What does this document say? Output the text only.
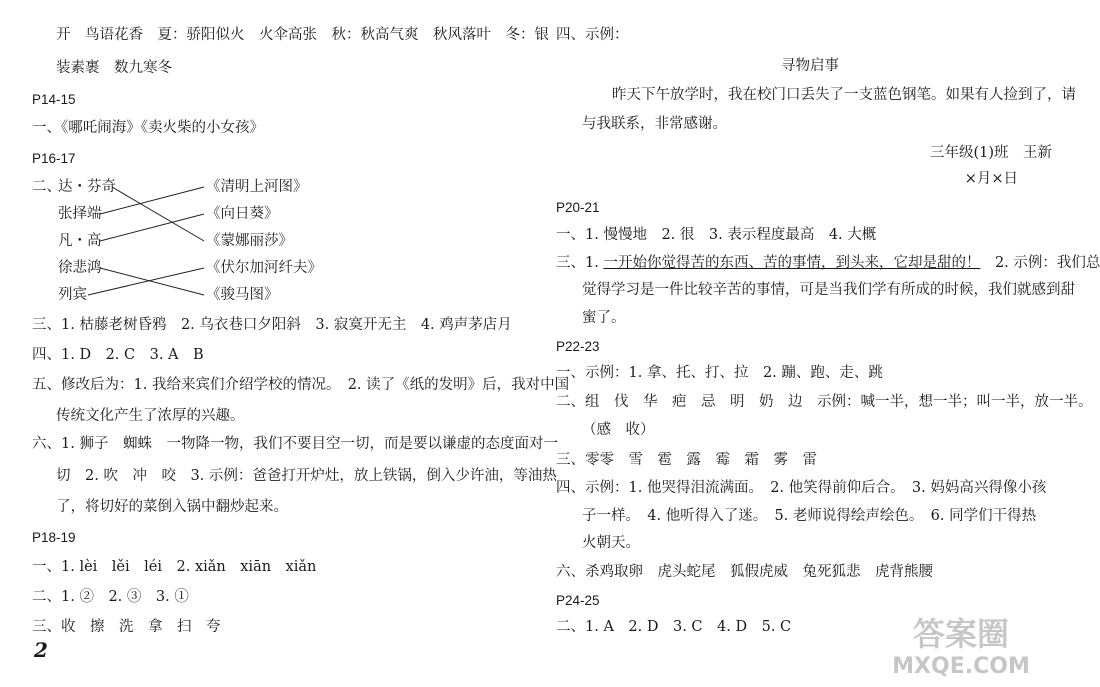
开　鸟语花香　夏：骄阳似火　火伞高张　秋：秋高气爽　秋风落叶　冬：银
装素裹　数九寒冬
P14-15
一、《哪吒闹海》《卖火柴的小女孩》
P16-17
二、
达・芬奇
张择端
凡・高
徐悲鸿
列宾
《清明上河图》
《向日葵》
《蒙娜丽莎》
《伏尔加河纤夫》
《骏马图》
三、1. 枯藤老树昏鸦　2. 乌衣巷口夕阳斜　3. 寂寞开无主　4. 鸡声茅店月
四、1. D　2. C　3. A　B
五、修改后为：1. 我给来宾们介绍学校的情况。　2. 读了《纸的发明》后，我对中国
传统文化产生了浓厚的兴趣。
六、1. 狮子　蜘蛛　一物降一物，我们不要目空一切，而是要以谦虚的态度面对一
切　2. 吹　冲　咬　3. 示例：爸爸打开炉灶，放上铁锅，倒入少许油，等油热
了，将切好的菜倒入锅中翻炒起来。
P18-19
一、1. lèi　lěi　léi　2. xiǎn　xiān　xiǎn
二、1. ②　2. ③　3. ①
三、收　擦　洗　拿　扫　夸
2
四、示例：
寻物启事
昨天下午放学时，我在校门口丢失了一支蓝色钢笔。如果有人捡到了，请
与我联系，非常感谢。
三年级(1)班　王新
×月×日
P20-21
一、1. 慢慢地　2. 很　3. 表示程度最高　4. 大概
三、1. 一开始你觉得苦的东西、苦的事情，到头来，它却是甜的！　2. 示例：我们总
觉得学习是一件比较辛苦的事情，可是当我们学有所成的时候，我们就感到甜
蜜了。
P22-23
一、示例：1. 拿、托、打、拉　2. 蹦、跑、走、跳
二、组　伐　华　疤　忌　明　奶　边　示例：喊一半，想一半；叫一半，放一半。
（感　收）
三、零零　雪　雹　露　霉　霜　雾　雷
四、示例：1. 他哭得泪流满面。　2. 他笑得前仰后合。　3. 妈妈高兴得像小孩
子一样。　4. 他听得入了迷。　5. 老师说得绘声绘色。　6. 同学们干得热
火朝天。
六、杀鸡取卵　虎头蛇尾　狐假虎威　兔死狐悲　虎背熊腰
P24-25
二、1. A　2. D　3. C　4. D　5. C	答案圈
MXQE.COM
